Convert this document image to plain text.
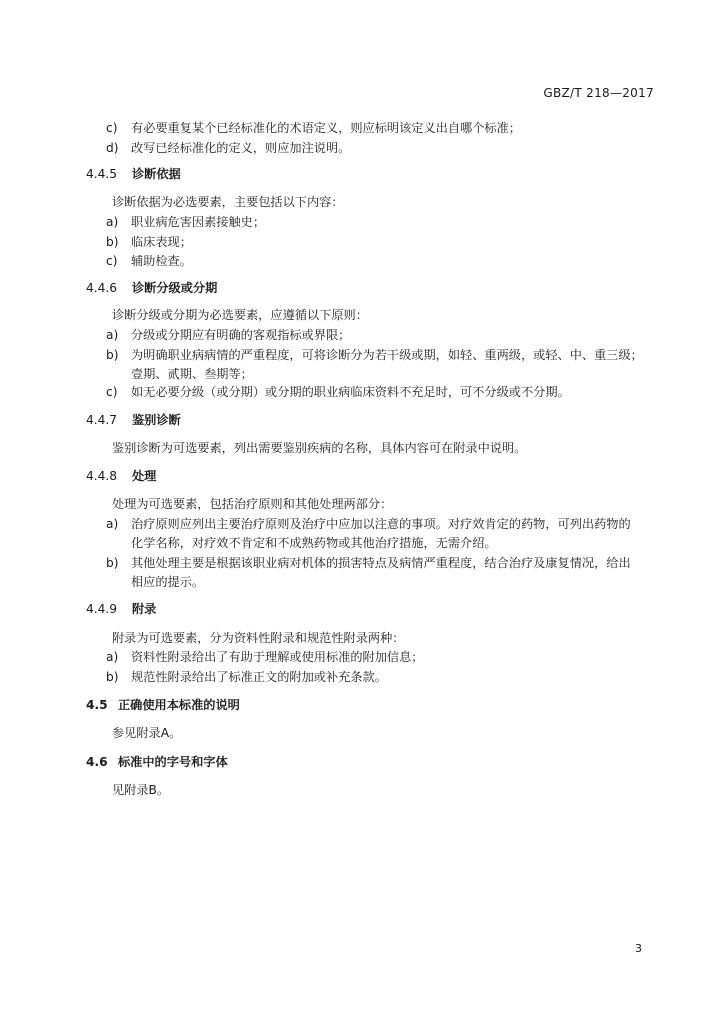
GBZ/T 218—2017
c) 有必要重复某个已经标准化的术语定义，则应标明该定义出自哪个标准；
d) 改写已经标准化的定义，则应加注说明。
4.4.5 诊断依据
诊断依据为必选要素，主要包括以下内容：
a) 职业病危害因素接触史；
b) 临床表现；
c) 辅助检查。
4.4.6 诊断分级或分期
诊断分级或分期为必选要素，应遵循以下原则：
a) 分级或分期应有明确的客观指标或界限；
b) 为明确职业病病情的严重程度，可将诊断分为若干级或期，如轻、重两级，或轻、中、重三级；
壹期、贰期、叁期等；
c) 如无必要分级（或分期）或分期的职业病临床资料不充足时，可不分级或不分期。
4.4.7 鉴别诊断
鉴别诊断为可选要素，列出需要鉴别疾病的名称，具体内容可在附录中说明。
4.4.8 处理
处理为可选要素，包括治疗原则和其他处理两部分：
a) 治疗原则应列出主要治疗原则及治疗中应加以注意的事项。对疗效肯定的药物，可列出药物的
化学名称，对疗效不肯定和不成熟药物或其他治疗措施，无需介绍。
b) 其他处理主要是根据该职业病对机体的损害特点及病情严重程度，结合治疗及康复情况，给出
相应的提示。
4.4.9 附录
附录为可选要素，分为资料性附录和规范性附录两种：
a) 资料性附录给出了有助于理解或使用标准的附加信息；
b) 规范性附录给出了标准正文的附加或补充条款。
4.5 正确使用本标准的说明
参见附录A。
4.6 标准中的字号和字体
见附录B。
3
